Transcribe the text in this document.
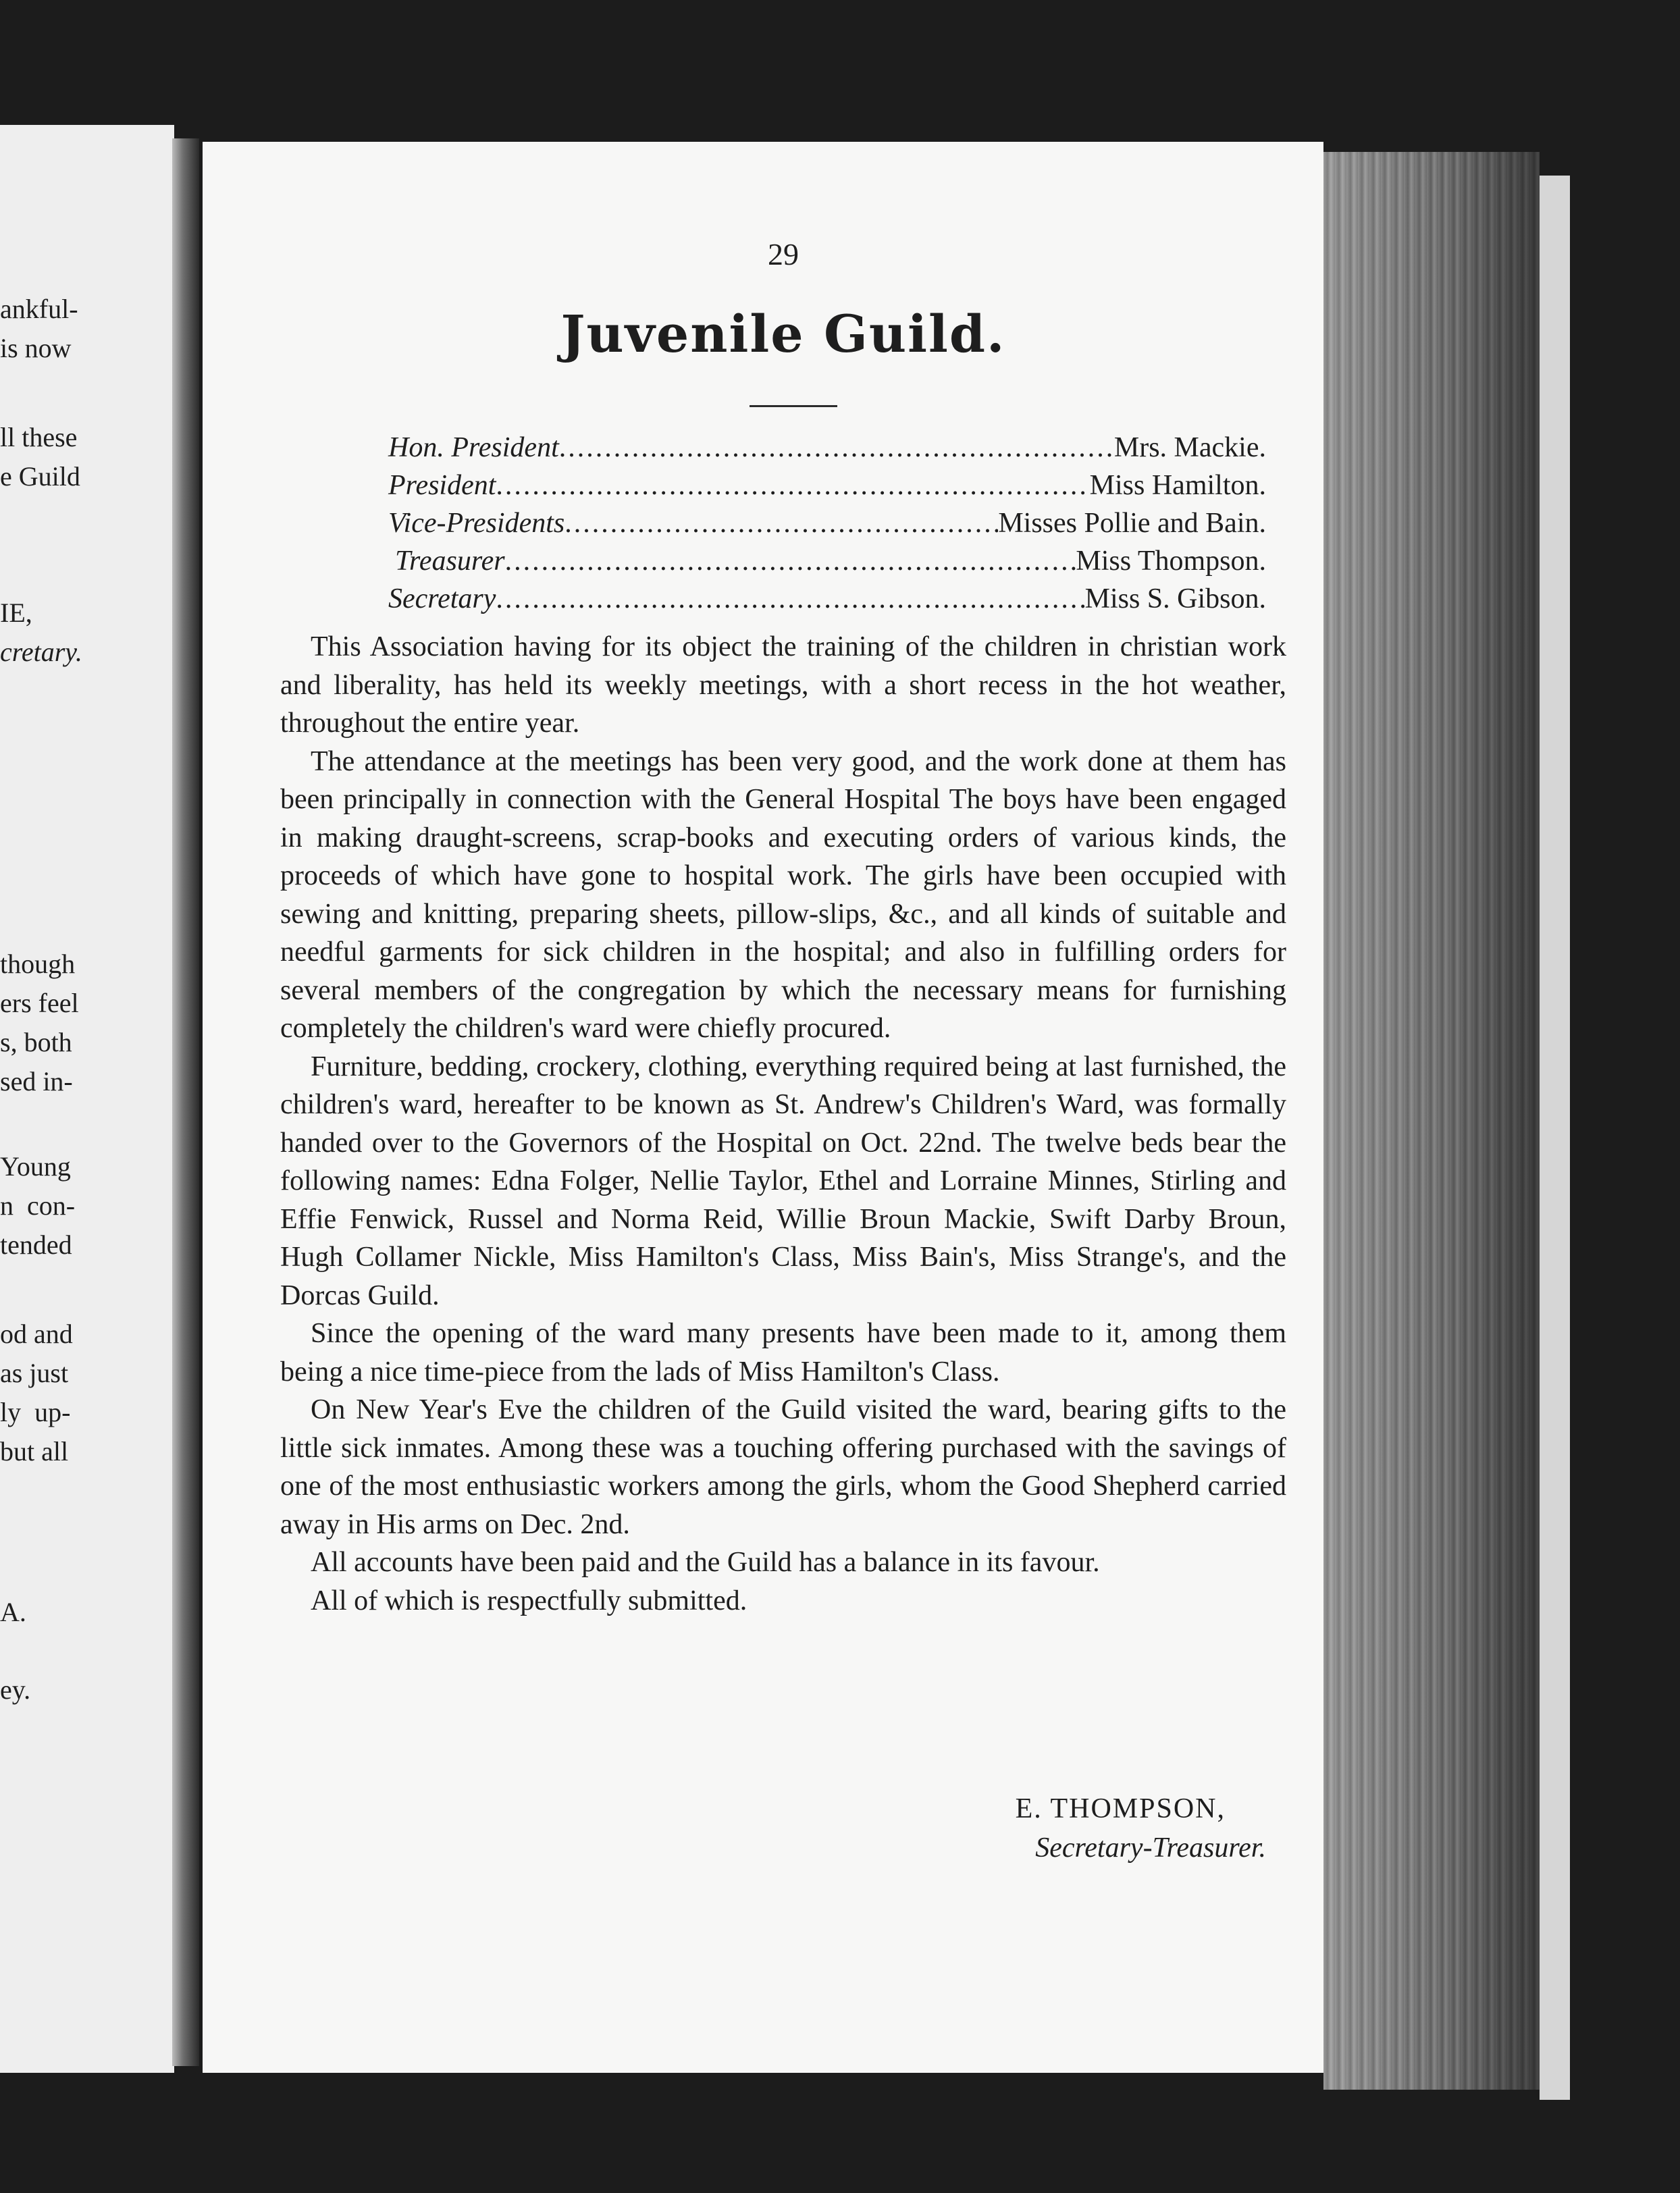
ankful-
is now
ll these
e Guild
IE,
cretary.
though
ers feel
s, both
sed in-
Young
n  con-
tended
od and
as just
ly  up-
but all
A.
ey.
29
Juvenile Guild.
Hon. President .....	Mrs. Mackie.
President .....	Miss Hamilton.
Vice-Presidents .....	Misses Pollie and Bain.
Treasurer .....	Miss Thompson.
Secretary .....	Miss S. Gibson.

This Association having for its object the training of the children in christian work and liberality, has held its weekly meetings, with a short recess in the hot weather, throughout the entire year.

The attendance at the meetings has been very good, and the work done at them has been principally in connection with the General Hospital The boys have been engaged in making draught-screens, scrap-books and executing orders of various kinds, the proceeds of which have gone to hospital work. The girls have been occupied with sewing and knitting, preparing sheets, pillow-slips, &c., and all kinds of suitable and needful garments for sick children in the hospital; and also in fulfilling orders for several members of the congregation by which the necessary means for furnishing completely the children's ward were chiefly procured.

Furniture, bedding, crockery, clothing, everything required being at last furnished, the children's ward, hereafter to be known as St. Andrew's Children's Ward, was formally handed over to the Governors of the Hospital on Oct. 22nd. The twelve beds bear the following names: Edna Folger, Nellie Taylor, Ethel and Lorraine Minnes, Stirling and Effie Fenwick, Russel and Norma Reid, Willie Broun Mackie, Swift Darby Broun, Hugh Collamer Nickle, Miss Hamilton's Class, Miss Bain's, Miss Strange's, and the Dorcas Guild.

Since the opening of the ward many presents have been made to it, among them being a nice time-piece from the lads of Miss Hamilton's Class.

On New Year's Eve the children of the Guild visited the ward, bearing gifts to the little sick inmates. Among these was a touching offering purchased with the savings of one of the most enthusiastic workers among the girls, whom the Good Shepherd carried away in His arms on Dec. 2nd.

All accounts have been paid and the Guild has a balance in its favour.

All of which is respectfully submitted.

E. THOMPSON,
Secretary-Treasurer.
